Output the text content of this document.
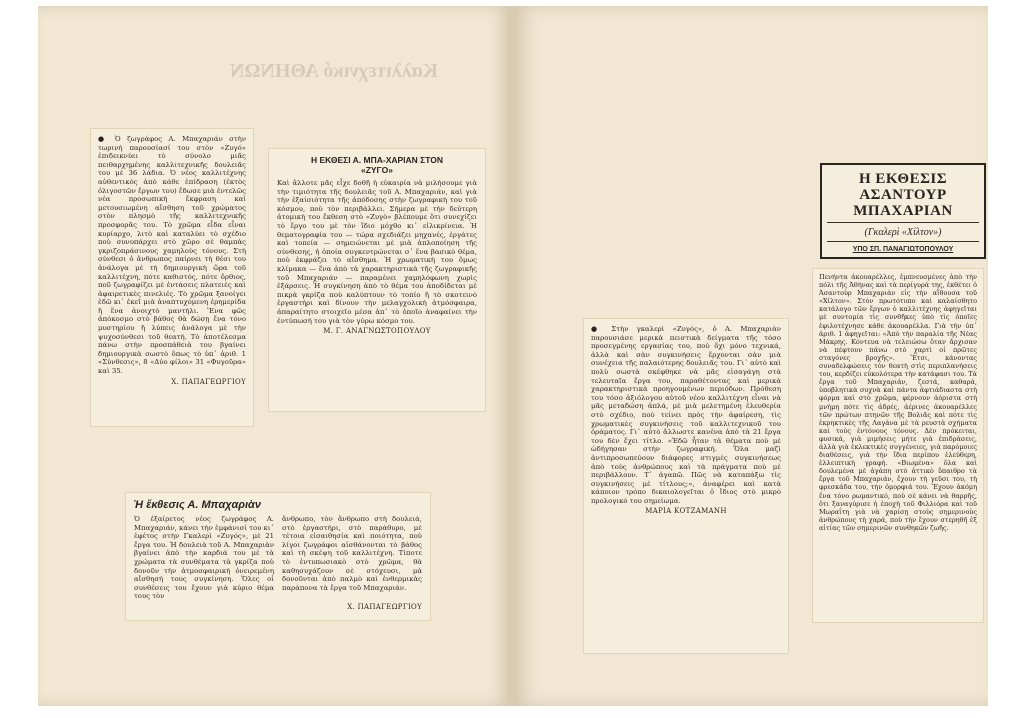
Καλλιτεχνικό ΑΘΗΝΩΝ

● Ὁ ζωγράφος Α. Μπαχαριάν στὴν τωρινή παρουσίασί του στὸν «Ζυγό» ἐπιδεικνύει τὸ σύνολο μιᾶς πειθαρχημένης καλλιτεχνικῆς δουλειᾶς του μὲ 36 λάδια. Ὁ νέος καλλιτέχνης αὐθεντικὸς ἀπὸ κάθε ἐπίδραση (ἐκτὸς ὀλιγοστῶν ἔργων του) ἔδωσε μιὰ ἐντελῶς νέα προσωπικὴ ἔκφραση καὶ μετουσιωμένη αἴσθηση τοῦ χρώματος στὸν πλησμὸ τῆς καλλιτεχνικῆς προσφορᾶς του. Τὸ χρῶμα εἶδα εἶναι κυρίαρχο, λιτὸ καὶ καταλύει τὸ σχέδιο ποὺ συνυπάρχει στὸ χῶρο σὲ θαμπὰς γκριζοπράσινους χαμηλοὺς τόνους. Στὴ σύνθεσι ὁ ἄνθρωπος παίρνει τὴ θέσι του ἀνάλογα μὲ τὴ δημιουργικὴ ὥρα τοῦ καλλιτέχνη, πότε καθιστός, πότε ὄρθιος, ποῦ ζωγραφίζει μὲ ἐντάσεις πλατειὲς καὶ ἀφαιρετικὲς πινελιές. Τὸ χρῶμα ξανοίγει ἐδῶ κι᾽ ἐκεῖ μιὰ ἀναπτυχόμενη ἐρημερίδα ἢ ἕνα ἀνοιχτὸ μαντήλι. Ἕνα φῶς ἀπόκοσμο στὸ βάθος θὰ δώσῃ ἕνα τόνο μυστηρίου ἢ λύπεις ἀνάλογα μὲ τὴν ψυχοσύνθεσι τοῦ θεατή. Τὸ ἀποτέλεσμα πάνω στὴν προσπάθειὰ του βγαίνει δημιουργικὰ σωστὸ ὅπως τὸ ὑπ᾽ ἀριθ. 1 «Σύνθεσις», 8 «Δύο φίλοι» 31 «Φυγοῦρα» καὶ 35.

Χ. ΠΑΠΑΓΕΩΡΓΙΟΥ

Η ΕΚΘΕΣΙ Α. ΜΠΑ-ΧΑΡΙΑΝ ΣΤΟΝ «ΖΥΓΟ»

Καὶ ἄλλοτε μᾶς εἶχε δοθῆ ἡ εὐκαιρία νὰ μιλήσουμε γιὰ τὴν τιμιότητα τῆς δουλειᾶς τοῦ Α. Μπαχαριάν, καὶ γιὰ τὴν ἐξαίσιότητα τῆς ἀπόδοσης στὴν ζωγραφικὴ του τοῦ κόσμου, ποὺ τὸν περιβάλλει. Σήμερα μὲ τὴν δεύτερη ἀτομικὴ του ἔκθεση στὸ «Ζυγὸ» βλέπουμε ὅτι συνεχίζει τὸ ἔργο του μὲ τὸν ἴδιο μόχθο κι᾽ εἰλικρίνεια. Ἡ θεματογραφία του — τώρα σχεδιάζει μηχανές, ἐργάτες καὶ τοπεία — σημειώνεται μὲ μιὰ ἀπλοποίηση τῆς σύνθεσης, ἡ ὁποία συγκεντρώνεται σ᾽ ἕνα βασικὸ θέμα, ποὺ ἐκφράζει τὸ αἴσθημα. Ἡ χρωματικὴ του ὅμως κλίμακα — ἕνα ἀπὸ τὰ χαρακτηριστικὰ τῆς ζωγραφικῆς τοῦ Μπαχαριάν — παραμένει χαμηλόφωνη χωρὶς ἐξάρσεις. Ἡ συγκίνηση ἀπὸ τὸ θέμα του ἀποδίδεται μὲ πικρὰ γκρίζα ποὺ καλύπτουν τὸ τοπίο ἢ τὸ σκοτεινὸ ἐργαστήρι καὶ δίνουν τὴν μελαγχολικὴ ἀτμόσφαιρα, ἀπαραίτητο στοιχεῖο μέσα ἀπ᾽ τὸ ὁποῖο ἀναφαίνει τὴν ἐντύπωσή του γιὰ τὸν γύρω κόσμο του.

Μ. Γ. ΑΝΑΓΝΩΣΤΟΠΟΥΛΟΥ

Ἡ ἔκθεσις Α. Μπαχαριὰν

Ὁ ἐξαίρετος νέος ζωγράφος Α. Μπαχαριάν, κάνει τὴν ἐμφάνισί του κι᾽ ἐφέτος στὴν Γκαλερὶ «Ζυγός», μὲ 21 ἔργα του. Ἡ δουλειὰ τοῦ Α. Μπαχαριὰν βγαίνει ἀπὸ τὴν καρδιά του μὲ τὰ χρώματα τὰ συνθέματα τὰ γκρίζα ποὺ δονοῦν τὴν ἀτμοσφαιρικὴ ὀνειρεμένη αἴσθησή τους συγκίνηση. Ὅλες οἱ συνθέσεις του ἔχουν γιὰ κύριο θέμα τους τὸν

ἄνθρωπο, τὸν ἄνθρωπο στὴ δουλειά, στὸ ἐργαστήρι, στὸ παράθυρο, μὲ τέτοια εἰσαιθησία καὶ ποιότητα, ποὺ λίγοι ζωγράφοι αἰσθάνονται τὸ βάθος καὶ τὴ σκέψη τοῦ καλλιτέχνη. Τίποτε τὸ ἐντυπωσιακὸ στὸ χρῶμα, θὰ καθησυχάζουν σὲ στόχευσι, μὰ δονοῦνται ἀπὸ παλμὸ καὶ ἐνθερμικὰς παράπονα τὰ ἔργα τοῦ Μπαχαριάν.

Χ. ΠΑΠΑΓΕΩΡΓΙΟΥ

● Στὴν γκαλερὶ «Ζυγός», ὁ Α. Μπαχαριὰν παρουσιάσε μερικὰ πειστικὰ δείγματα τῆς τόσο προσεγμένης εργασίας του, ποὺ ὄχι μόνο τεχνικά, ἀλλὰ καὶ σὰν συγκινήσεις ἔρχονται σὰν μιὰ συνέχεια τῆς παλαιότερης δουλειᾶς του. Γι᾽ αὐτὸ καὶ πολὺ σωστὰ σκέφθηκε νὰ μᾶς εἰσαγάγη στὰ τελευταῖα ἔργα του, παραθέτοντας καὶ μερικὰ χαρακτηριστικὰ προηγουμένων περιόδων. Πρόθεση του τόσο ἀξιόλογου αὐτοῦ νέου καλλιτέχνη εἶναι νὰ μᾶς μεταδώση ἀπλά, μὲ μιὰ μελετημένη ἐλευθερία στὸ σχέδιο, ποὺ τείνει πρὸς τὴν ἀφαίρεση, τὶς χρωματικὲς συγκινήσεις τοῦ καλλιτεχνικοῦ του ὁράματος. Γι᾽ αὐτὸ ἄλλωστε κανένα ἀπὸ τὰ 21 ἔργα του δὲν ἔχει τίτλο. «Ἐδῶ ἦταν τὰ θέματα ποὺ μὲ ὡδήγησαν στὴν ζωγραφική. Ὅλα μαζὶ ἀντιπροσωπεύουν διάφορες στιγμὲς συγκινήσεως ἀπὸ τοὺς ἀνθρώπους καὶ τὰ πράγματα ποὺ μὲ περιβάλλουν. Τ᾽ ἀγαπῶ. Πῶς νὰ καταπάξω τὶς συγκινήσεις μὲ τίτλους;», ἀναφέρει καὶ κατὰ κάποιον τρόπο δικαιολογεῖται ὁ ἴδιος στὸ μικρὸ προλογικό του σημείωμα.

ΜΑΡΙΑ ΚΟΤΖΑΜΑΝΗ

Η ΕΚΘΕΣΙΣ ΑΣΑΝΤΟΥΡ ΜΠΑΧΑΡΙΑΝ
(Γκαλερὶ «Χίλτον»)
ΥΠΟ ΣΠ. ΠΑΝΑΓΙΩΤΟΠΟΥΛΟΥ

Πενήντα ἀκουαρέλλες, ἐμπνευσμένες ἀπὸ τὴν πόλι τῆς Ἀθήνας καὶ τὰ περίγυρά της, ἐκθέτει ὁ Ἀσαντοὺρ Μπαχαριὰν εἰς τὴν αἴθουσα τοῦ «Χίλτον». Στὸν πρωτότυπο καὶ καλαίσθητο κατάλογο τῶν ἔργων ὁ καλλιτέχνης ἀφηγεῖται μὲ συντομία τὶς συνθῆκες ὑπὸ τὶς ὁποῖες ἐφιλοτέχνησε κάθε ἀκουαρέλλα. Γιὰ τὴν ὑπ᾽ ἀριθ. 1 ἀφηγεῖται: «Ἀπὸ τὴν παραλία τῆς Νέας Μάκρης. Κόντευα νὰ τελειώσω ὅταν ἄρχισαν νὰ πέφτουν πάνω στὸ χαρτὶ οἱ πρῶτες σταγόνες βροχῆς». Ἔτσι, κάνοντας συναδελφώσεις τὸν θεατὴ στὶς περιπλανήσεις του, κερδίζει εὐκολότερα τὴν κατάφασι του. Τὰ ἔργα τοῦ Μπαχαριάν, ζεστά, καθαρά, ὑποβλητικὰ συχνὰ καὶ πάντα ἀφτιάδιαστα στὴ φόρμα καὶ στὸ χρῶμα, φέρνουν ἀόριστα στὴ μνήμη πότε τὶς ἀδρές, ἀέρινες ἀκουαρέλλες τῶν πρώτων πτηνῶν τῆς Βολιᾶς καὶ πότε τὶς ἐκρηκτικὲς τῆς Λαγάνα μὲ τὰ ρευστὰ σχήματα καὶ τοὺς ἐντόνους τόνους. Δὲν πρόκειται, φυσικά, γιὰ μιμήσεις μήτε γιὰ ἐπιδράσεις, ἀλλὰ γιὰ ἐκλεκτικὲς συγγένειες, γιὰ παρόμοιες διαθέσεις, γιὰ τὴν ἴδια περίπου ἐλεύθερη, ἐλλειπτικὴ γραφή. «Βιωμένα» ὅλα καὶ δουλεμένα μὲ ἀγάπη στὸ ἀττικὸ ὕπαιθρο τὰ ἔργα τοῦ Μπαχαριάν, ἔχουν τὴ γεῦσι του, τὴ φρεσκάδα του, τὴν ὀμορφιά του. Ἔχουν ἀκόμη ἕνα τόνο ρωμαντικό, ποὺ σὲ κάνει νὰ θαρρῆς, ὅτι ξαναγύρισε ἡ ἐποχὴ τοῦ Φιλλιόρα καὶ τοῦ Μωραΐτη γιὰ νὰ χαρίσῃ στοὺς σημερινοὺς ἀνθρώπους τὴ χαρά, ποὺ τὴν ἔχουν στερηθῆ ἐξ αἰτίας τῶν σημερινῶν συνθηκῶν ζωῆς.
